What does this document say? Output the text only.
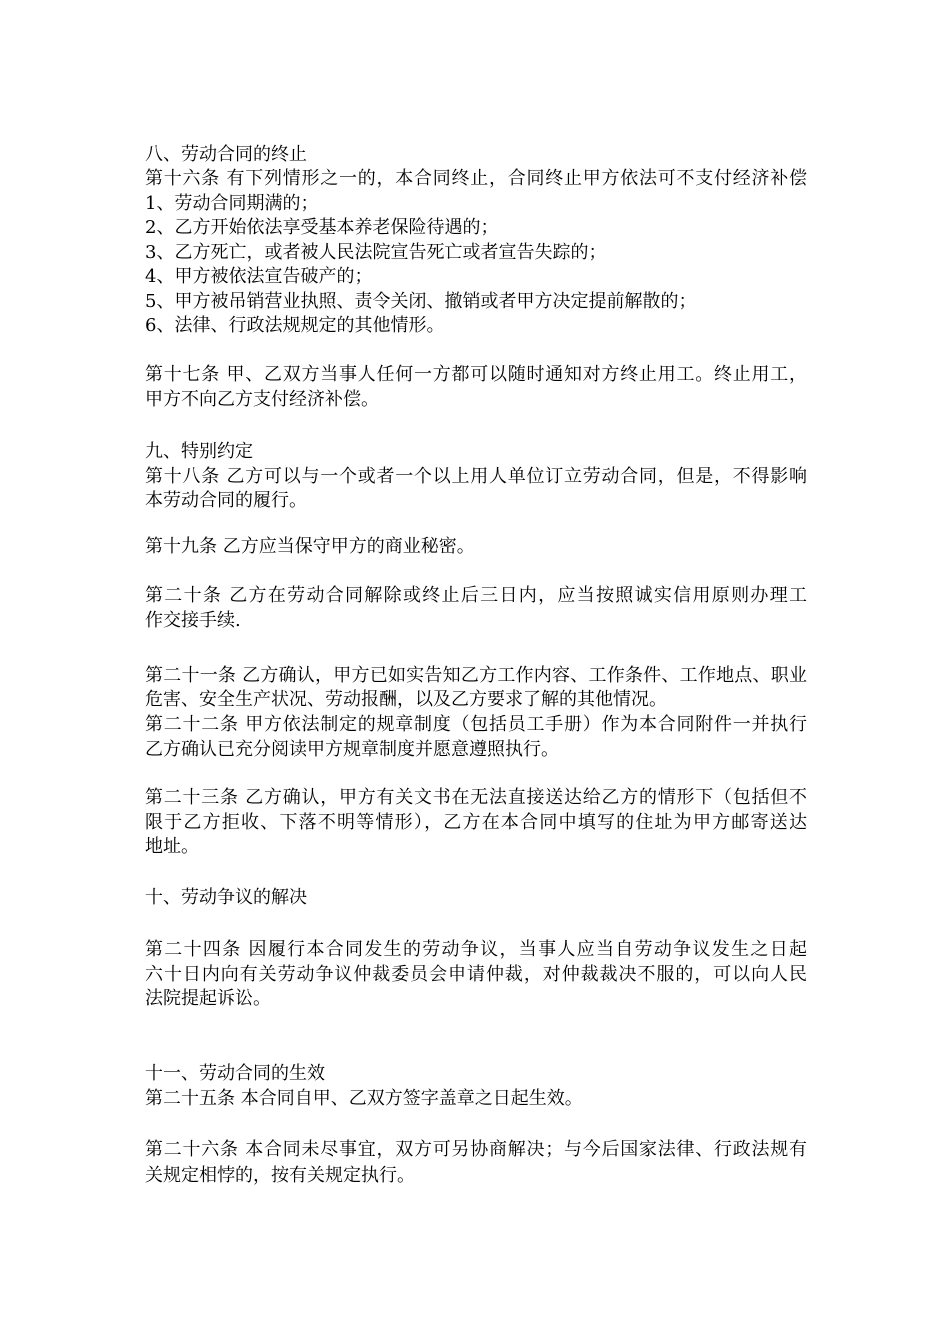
八、劳动合同的终止
第十六条 有下列情形之一的，本合同终止，合同终止甲方依法可不支付经济补偿
1、劳动合同期满的；
2、乙方开始依法享受基本养老保险待遇的；
3、乙方死亡，或者被人民法院宣告死亡或者宣告失踪的；
4、甲方被依法宣告破产的；
5、甲方被吊销营业执照、责令关闭、撤销或者甲方决定提前解散的；
6、法律、行政法规规定的其他情形。
第十七条 甲、乙双方当事人任何一方都可以随时通知对方终止用工。终止用工，
甲方不向乙方支付经济补偿。
九、特别约定
第十八条 乙方可以与一个或者一个以上用人单位订立劳动合同，但是，不得影响
本劳动合同的履行。
第十九条 乙方应当保守甲方的商业秘密。
第二十条 乙方在劳动合同解除或终止后三日内，应当按照诚实信用原则办理工
作交接手续.
第二十一条 乙方确认，甲方已如实告知乙方工作内容、工作条件、工作地点、职业
危害、安全生产状况、劳动报酬，以及乙方要求了解的其他情况。
第二十二条 甲方依法制定的规章制度（包括员工手册）作为本合同附件一并执行
乙方确认已充分阅读甲方规章制度并愿意遵照执行。
第二十三条 乙方确认，甲方有关文书在无法直接送达给乙方的情形下（包括但不
限于乙方拒收、下落不明等情形），乙方在本合同中填写的住址为甲方邮寄送达
地址。
十、劳动争议的解决
第二十四条 因履行本合同发生的劳动争议，当事人应当自劳动争议发生之日起
六十日内向有关劳动争议仲裁委员会申请仲裁，对仲裁裁决不服的，可以向人民
法院提起诉讼。
十一、劳动合同的生效
第二十五条 本合同自甲、乙双方签字盖章之日起生效。
第二十六条 本合同未尽事宜，双方可另协商解决；与今后国家法律、行政法规有
关规定相悖的，按有关规定执行。
